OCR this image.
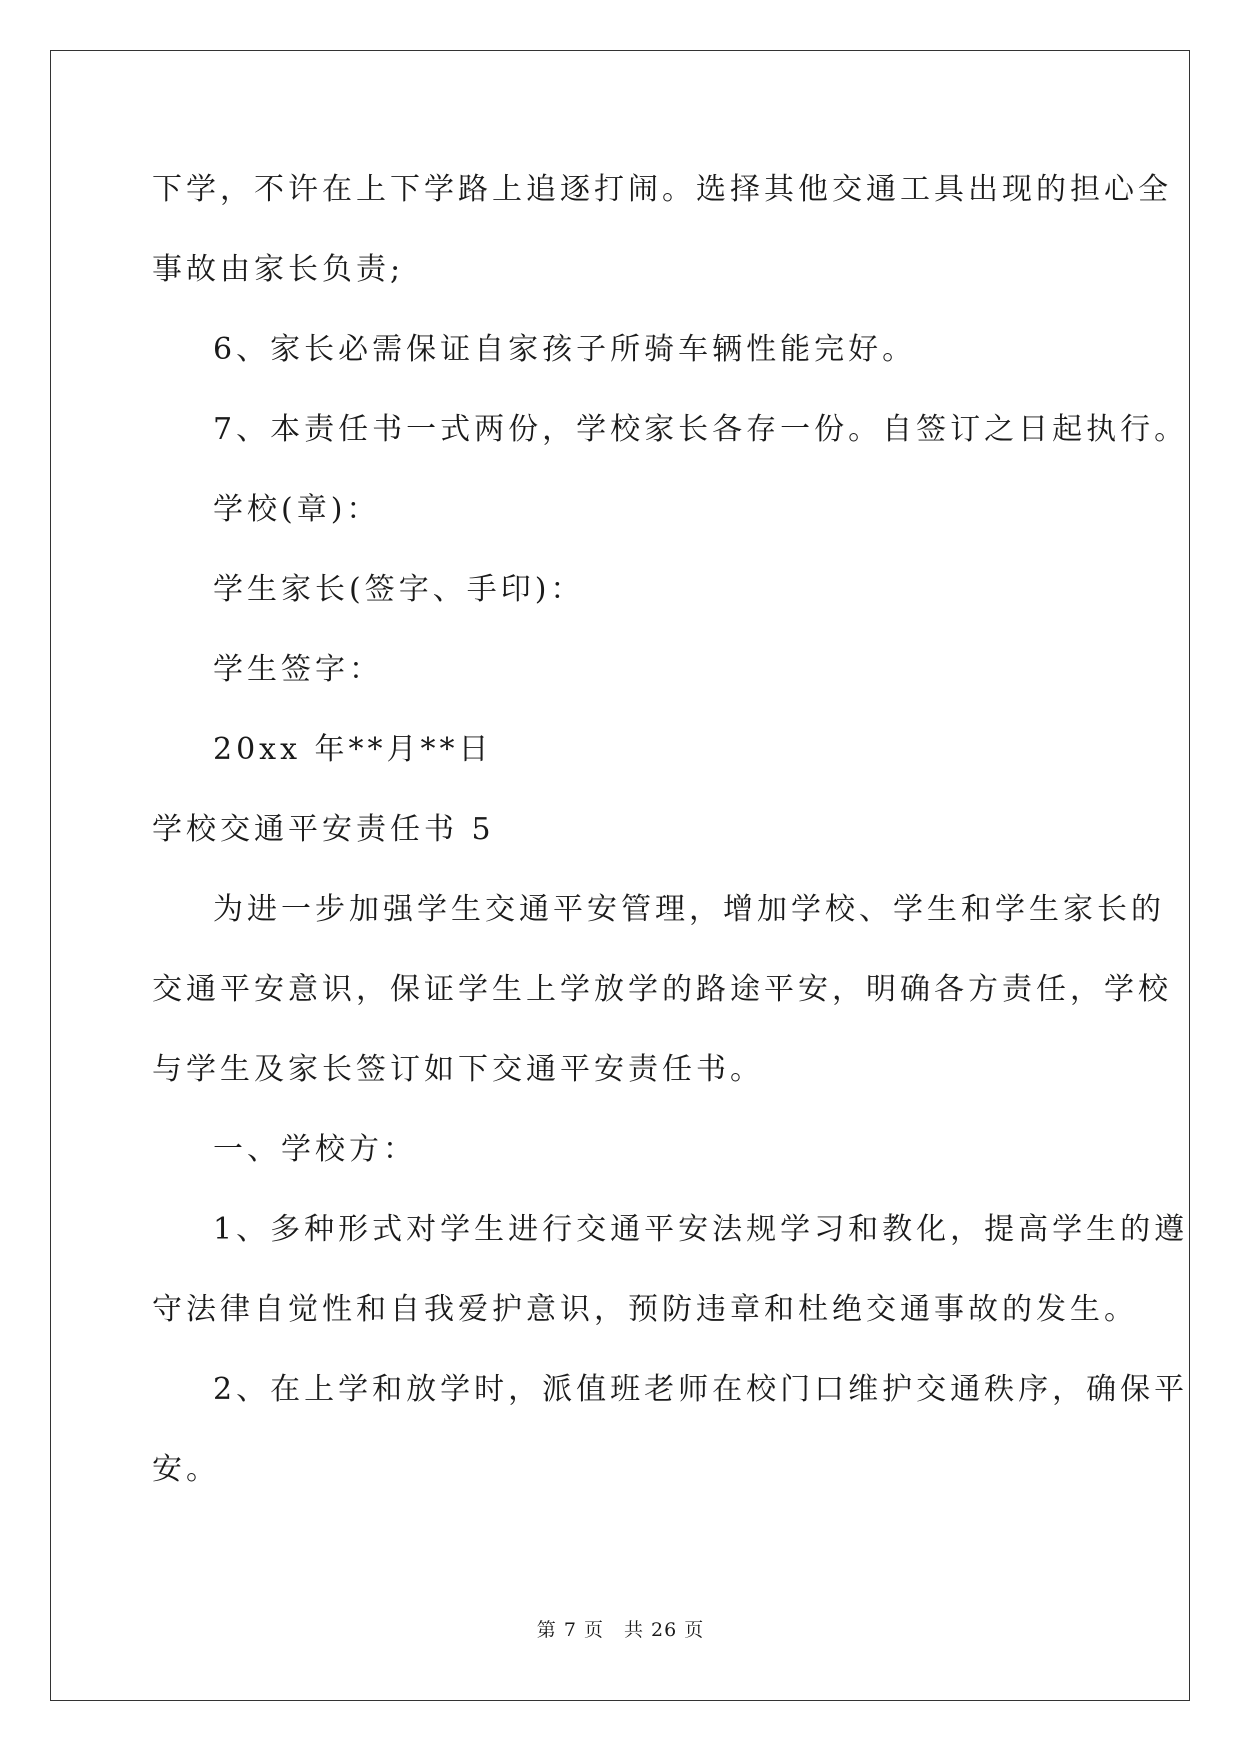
下学，不许在上下学路上追逐打闹。选择其他交通工具出现的担心全
事故由家长负责;
6、家长必需保证自家孩子所骑车辆性能完好。
7、本责任书一式两份，学校家长各存一份。自签订之日起执行。
学校(章)：
学生家长(签字、手印)：
学生签字：
20xx 年**月**日
学校交通平安责任书 5
为进一步加强学生交通平安管理，增加学校、学生和学生家长的
交通平安意识，保证学生上学放学的路途平安，明确各方责任，学校
与学生及家长签订如下交通平安责任书。
一、学校方：
1、多种形式对学生进行交通平安法规学习和教化，提高学生的遵
守法律自觉性和自我爱护意识，预防违章和杜绝交通事故的发生。
2、在上学和放学时，派值班老师在校门口维护交通秩序，确保平
安。
第 7 页　共 26 页
